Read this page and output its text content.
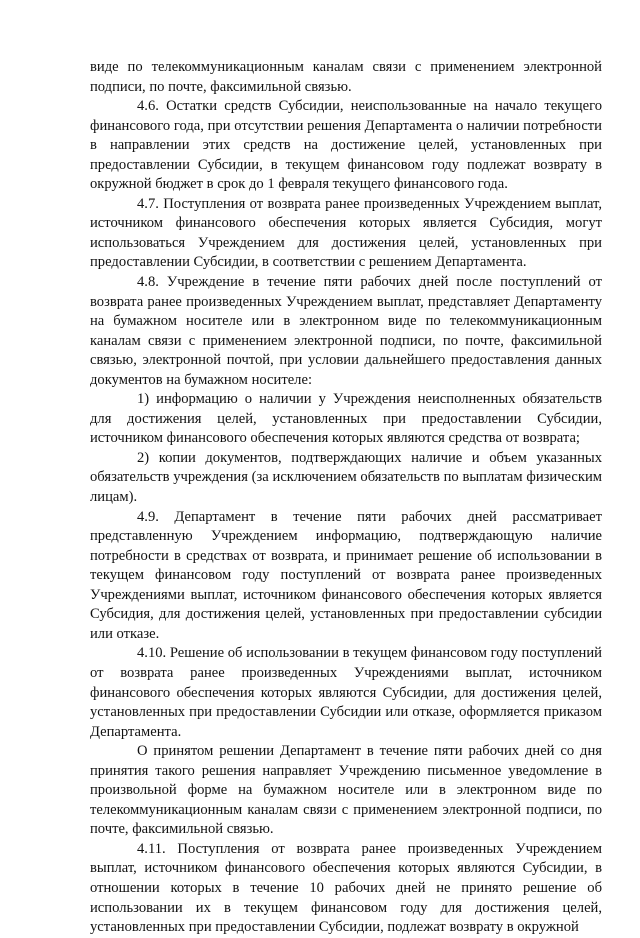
виде по телекоммуникационным каналам связи с применением электронной подписи, по почте, факсимильной связью.

4.6. Остатки средств Субсидии, неиспользованные на начало текущего финансового года, при отсутствии решения Департамента о наличии потребности в направлении этих средств на достижение целей, установленных при предоставлении Субсидии, в текущем финансовом году подлежат возврату в окружной бюджет в срок до 1 февраля текущего финансового года.

4.7. Поступления от возврата ранее произведенных Учреждением выплат, источником финансового обеспечения которых является Субсидия, могут использоваться Учреждением для достижения целей, установленных при предоставлении Субсидии, в соответствии с решением Департамента.

4.8. Учреждение в течение пяти рабочих дней после поступлений от возврата ранее произведенных Учреждением выплат, представляет Департаменту на бумажном носителе или в электронном виде по телекоммуникационным каналам связи с применением электронной подписи, по почте, факсимильной связью, электронной почтой, при условии дальнейшего предоставления данных документов на бумажном носителе:

1) информацию о наличии у Учреждения неисполненных обязательств для достижения целей, установленных при предоставлении Субсидии, источником финансового обеспечения которых являются средства от возврата;

2) копии документов, подтверждающих наличие и объем указанных обязательств учреждения (за исключением обязательств по выплатам физическим лицам).

4.9. Департамент в течение пяти рабочих дней рассматривает представленную Учреждением информацию, подтверждающую наличие потребности в средствах от возврата, и принимает решение об использовании в текущем финансовом году поступлений от возврата ранее произведенных Учреждениями выплат, источником финансового обеспечения которых является Субсидия, для достижения целей, установленных при предоставлении субсидии или отказе.

4.10. Решение об использовании в текущем финансовом году поступлений от возврата ранее произведенных Учреждениями выплат, источником финансового обеспечения которых являются Субсидии, для достижения целей, установленных при предоставлении Субсидии или отказе, оформляется приказом Департамента.

О принятом решении Департамент в течение пяти рабочих дней со дня принятия такого решения направляет Учреждению письменное уведомление в произвольной форме на бумажном носителе или в электронном виде по телекоммуникационным каналам связи с применением электронной подписи, по почте, факсимильной связью.

4.11. Поступления от возврата ранее произведенных Учреждением выплат, источником финансового обеспечения которых являются Субсидии, в отношении которых в течение 10 рабочих дней не принято решение об использовании их в текущем финансовом году для достижения целей, установленных при предоставлении Субсидии, подлежат возврату в окружной
